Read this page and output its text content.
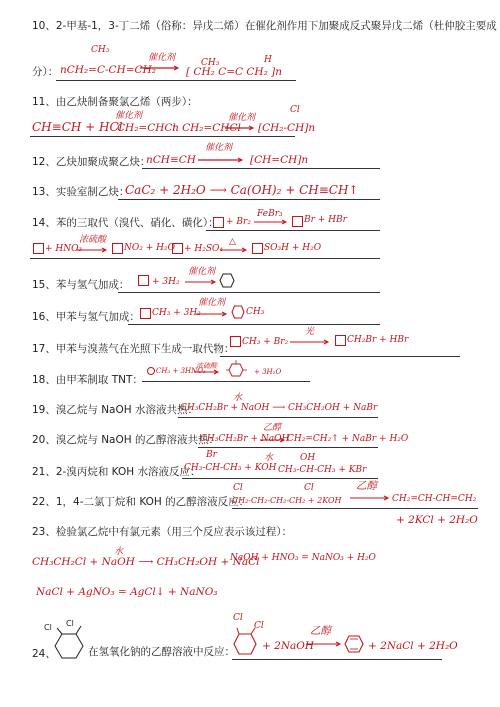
10、2-甲基-1，3-丁二烯（俗称：异戊二烯）在催化剂作用下加聚成反式聚异戊二烯（杜仲胶主要成
分）：
CH₃
nCH₂=C-CH=CH₂
催化剂 → CH₃	H
[ CH₂ C=C CH₂ ]n
11、由乙炔制备聚氯乙烯（两步）：
CH≡CH + HCl
催化剂
CH₂=CHCl
n CH₂=CHCl
催化剂
Cl
[CH₂-CH]n
12、乙炔加聚成聚乙炔：
nCH≡CH
催化剂
→ [CH=CH]n
13、实验室制乙炔：
CaC₂ + 2H₂O ⟶ Ca(OH)₂ + CH≡CH↑
14、苯的三取代（溴代、硝化、磺化）： + Br₂
FeBr₃
→ Br + HBr
+ HNO₃
浓硫酸
→ NO₂ + H₂O + H₂SO₄
△
→ SO₃H + H₂O
15、苯与氢气加成：	+ 3H₂
催化剂
16、甲苯与氢气加成： CH₃ + 3H₂
催化剂
→ CH₃
17、甲苯与溴蒸气在光照下生成一取代物：
CH₃ + Br₂
光
→ CH₂Br + HBr
18、由甲苯制取 TNT：
CH₃ + 3HNO₃
浓硫酸
+ 3H₂O
19、溴乙烷与 NaOH 水溶液共热：
水
CH₃CH₂Br + NaOH ⟶ CH₃CH₂OH + NaBr
20、溴乙烷与 NaOH 的乙醇溶液共热：
CH₃CH₂Br + NaOH
乙醇
→ CH₂=CH₂↑ + NaBr + H₂O
21、2-溴丙烷和 KOH 水溶液反应：
Br
CH₃-CH-CH₃ + KOH
水	OH
CH₃-CH-CH₃ + KBr
22、1，4-二氯丁烷和 KOH 的乙醇溶液反应：
Cl	Cl
CH₂-CH₂-CH₂-CH₂ + 2KOH
乙醇
→ CH₂=CH-CH=CH₂
+ 2KCl + 2H₂O
23、检验氯乙烷中有氯元素（用三个反应表示该过程）：
水
CH₃CH₂Cl + NaOH ⟶ CH₃CH₂OH + NaCl
NaOH + HNO₃ = NaNO₃ + H₂O
NaCl + AgNO₃ = AgCl↓ + NaNO₃
Cl Cl
24、	在氢氧化钠的乙醇溶液中反应：
Cl
Cl
+ 2NaOH
乙醇
+ 2NaCl + 2H₂O
